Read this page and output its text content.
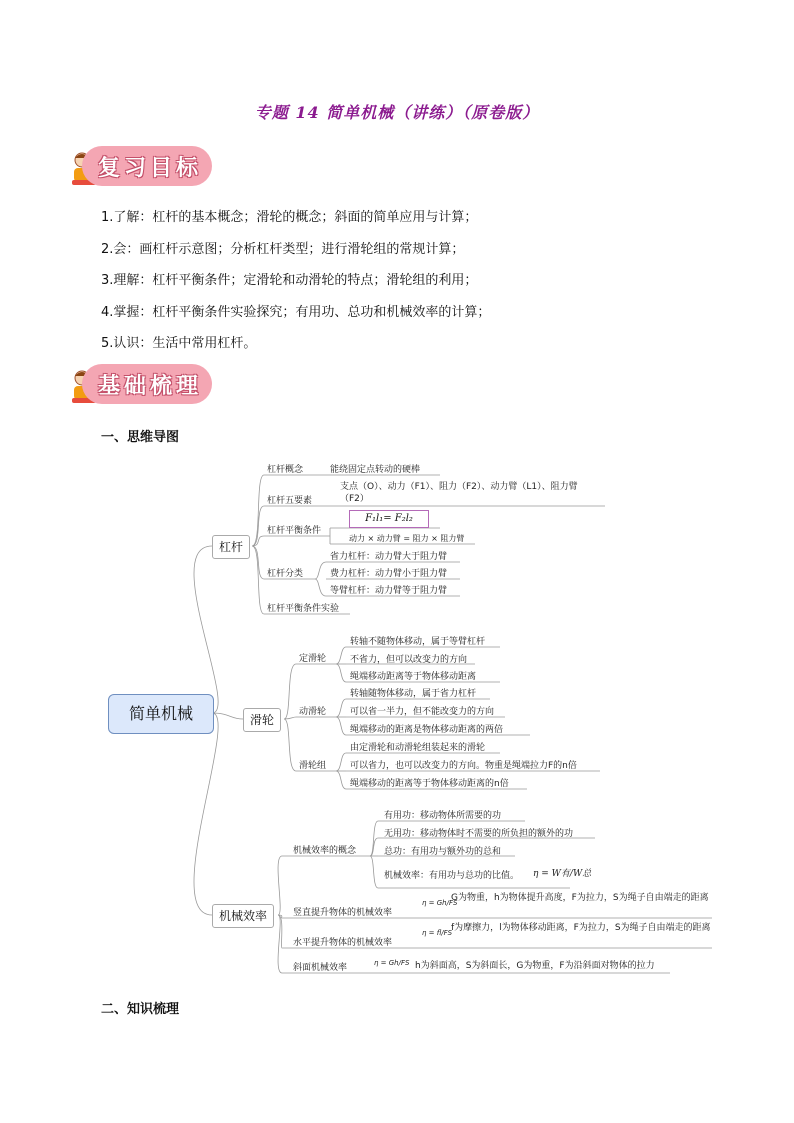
专题 14 简单机械（讲练）（原卷版）
复习目标
1.了解：杠杆的基本概念；滑轮的概念；斜面的简单应用与计算；
2.会：画杠杆示意图；分析杠杆类型；进行滑轮组的常规计算；
3.理解：杠杆平衡条件；定滑轮和动滑轮的特点；滑轮组的利用；
4.掌握：杠杆平衡条件实验探究；有用功、总功和机械效率的计算；
5.认识：生活中常用杠杆。
基础梳理
一、思维导图
简单机械
杠杆
杠杆概念	能绕固定点转动的硬棒
杠杆五要素
支点（O）、动力（F1）、阻力（F2）、动力臂（L1）、阻力臂（F2）
杠杆平衡条件
F₁l₁= F₂l₂
动力 × 动力臂 = 阻力 × 阻力臂
杠杆分类
省力杠杆：动力臂大于阻力臂
费力杠杆：动力臂小于阻力臂
等臂杠杆：动力臂等于阻力臂
杠杆平衡条件实验
滑轮
定滑轮
转轴不随物体移动，属于等臂杠杆
不省力，但可以改变力的方向
绳端移动距离等于物体移动距离
动滑轮
转轴随物体移动，属于省力杠杆
可以省一半力，但不能改变力的方向
绳端移动的距离是物体移动距离的两倍
滑轮组
由定滑轮和动滑轮组装起来的滑轮
可以省力，也可以改变力的方向。物重是绳端拉力F的n倍
绳端移动的距离等于物体移动距离的n倍
机械效率
机械效率的概念
有用功：移动物体所需要的功
无用功：移动物体时不需要的所负担的额外的功
总功：有用功与额外功的总和
机械效率：有用功与总功的比值。 η = W有/W总
竖直提升物体的机械效率
η = Gh/FS
G为物重，h为物体提升高度，F为拉力，S为绳子自由端走的距离
水平提升物体的机械效率
η = fl/FS
f为摩擦力，l为物体移动距离，F为拉力，S为绳子自由端走的距离
斜面机械效率	η = Gh/FS h为斜面高，S为斜面长，G为物重，F为沿斜面对物体的拉力
二、知识梳理
